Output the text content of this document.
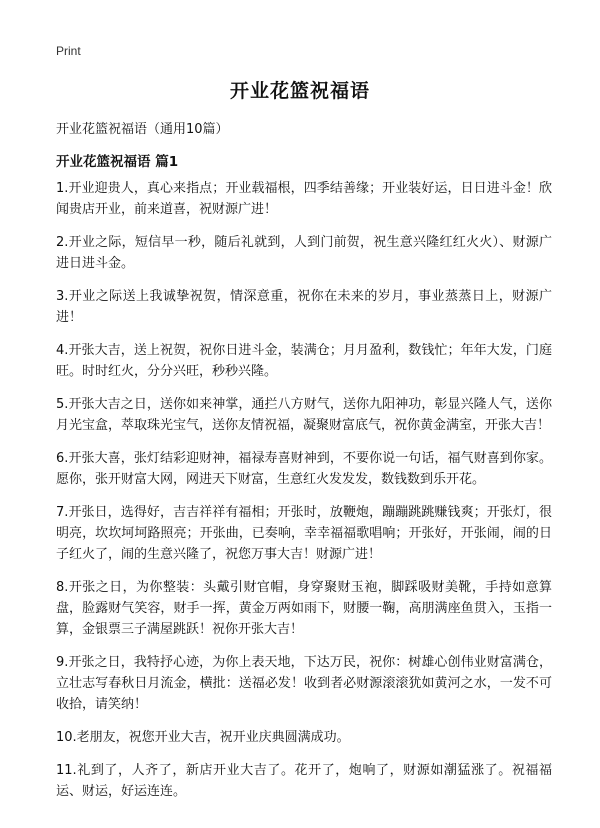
Print
开业花篮祝福语

开业花篮祝福语（通用10篇）

开业花篮祝福语 篇1

1.开业迎贵人，真心来指点；开业载福根，四季结善缘；开业装好运，日日进斗金！欣闻贵店开业，前来道喜，祝财源广进！

2.开业之际，短信早一秒，随后礼就到，人到门前贺，祝生意兴隆红红火火）、财源广进日进斗金。

3.开业之际送上我诚挚祝贺，情深意重，祝你在未来的岁月，事业蒸蒸日上，财源广进！

4.开张大吉，送上祝贺，祝你日进斗金，装满仓；月月盈利，数钱忙；年年大发，门庭旺。时时红火，分分兴旺，秒秒兴隆。

5.开张大吉之日，送你如来神掌，通拦八方财气，送你九阳神功，彰显兴隆人气，送你月光宝盒，萃取珠光宝气，送你友情祝福，凝聚财富底气，祝你黄金满室，开张大吉！

6.开张大喜，张灯结彩迎财神，福禄寿喜财神到，不要你说一句话，福气财喜到你家。愿你，张开财富大网，网进天下财富，生意红火发发发，数钱数到乐开花。

7.开张日，选得好，吉吉祥祥有福相；开张时，放鞭炮，蹦蹦跳跳赚钱爽；开张灯，很明亮，坎坎坷坷路照亮；开张曲，已奏响，幸幸福福歌唱响；开张好，开张闹，闹的日子红火了，闹的生意兴隆了，祝您万事大吉！财源广进！

8.开张之日，为你整装：头戴引财官帽，身穿聚财玉袍，脚踩吸财美靴，手持如意算盘，脸露财气笑容，财手一挥，黄金万两如雨下，财腰一鞠，高朋满座鱼贯入，玉指一算，金银票三子满屋跳跃！祝你开张大吉！

9.开张之日，我特抒心迹，为你上表天地，下达万民，祝你：树雄心创伟业财富满仓，立壮志写春秋日月流金，横批：送福必发！收到者必财源滚滚犹如黄河之水，一发不可收拾，请笑纳！

10.老朋友，祝您开业大吉，祝开业庆典圆满成功。

11.礼到了，人齐了，新店开业大吉了。花开了，炮响了，财源如潮猛涨了。祝福福运、财运，好运连连。
